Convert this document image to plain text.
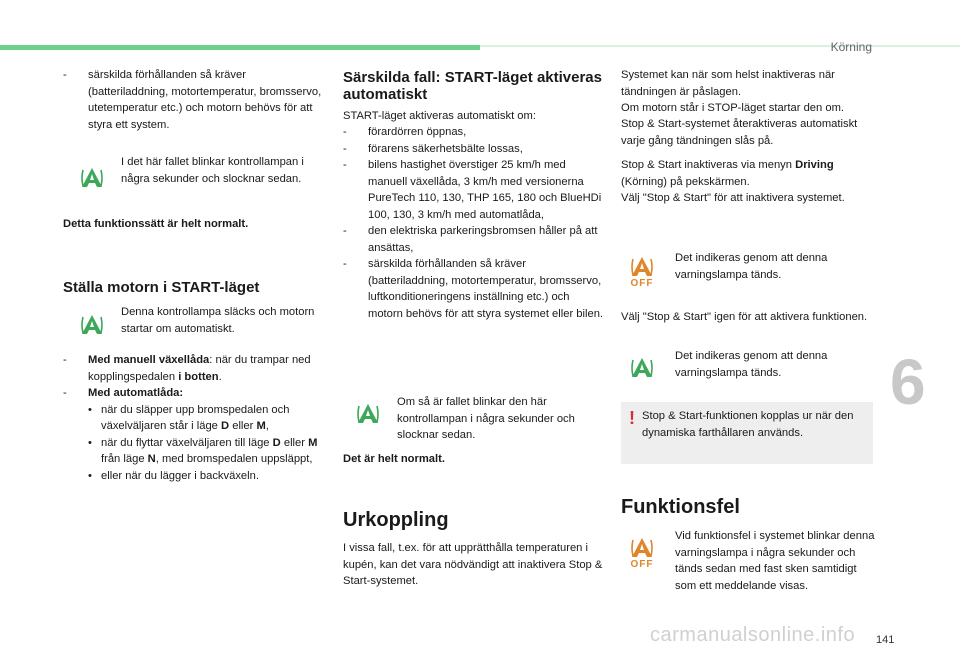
Körning
6
141
carmanualsonline.info
- särskilda förhållanden så kräver (batteriladdning, motortemperatur, bromsservo, utetemperatur etc.) och motorn behövs för att styra ett system.

I det här fallet blinkar kontrollampan i några sekunder och slocknar sedan.

Detta funktionssätt är helt normalt.

Ställa motorn i START-läget

Denna kontrollampa släcks och motorn startar om automatiskt.

- Med manuell växellåda: när du trampar ned kopplingspedalen i botten.
- Med automatlåda:
• när du släpper upp bromspedalen och växelväljaren står i läge D eller M,
• när du flyttar växelväljaren till läge D eller M från läge N, med bromspedalen uppsläppt,
• eller när du lägger i backväxeln.
Särskilda fall: START-läget aktiveras automatiskt

START-läget aktiveras automatiskt om:

- förardörren öppnas,
- förarens säkerhetsbälte lossas,
- bilens hastighet överstiger 25 km/h med manuell växellåda, 3 km/h med versionerna PureTech 110, 130, THP 165, 180 och BlueHDi 100, 130, 3 km/h med automatlåda,
- den elektriska parkeringsbromsen håller på att ansättas,
- särskilda förhållanden så kräver (batteriladdning, motortemperatur, bromsservo, luftkonditioneringens inställning etc.) och motorn behövs för att styra systemet eller bilen.

Om så är fallet blinkar den här kontrollampan i några sekunder och slocknar sedan.

Det är helt normalt.

Urkoppling

I vissa fall, t.ex. för att upprätthålla temperaturen i kupén, kan det vara nödvändigt att inaktivera Stop & Start-systemet.

Systemet kan när som helst inaktiveras när tändningen är påslagen.

Om motorn står i STOP-läget startar den om.

Stop & Start-systemet återaktiveras automatiskt varje gång tändningen slås på.

Stop & Start inaktiveras via menyn Driving (Körning) på pekskärmen.

Välj "Stop & Start" för att inaktivera systemet.

OFF

Det indikeras genom att denna varningslampa tänds.

Välj "Stop & Start" igen för att aktivera funktionen.

Det indikeras genom att denna varningslampa tänds.

! Stop & Start-funktionen kopplas ur när den dynamiska farthållaren används.

Funktionsfel
OFF

Vid funktionsfel i systemet blinkar denna varningslampa i några sekunder och tänds sedan med fast sken samtidigt som ett meddelande visas.
